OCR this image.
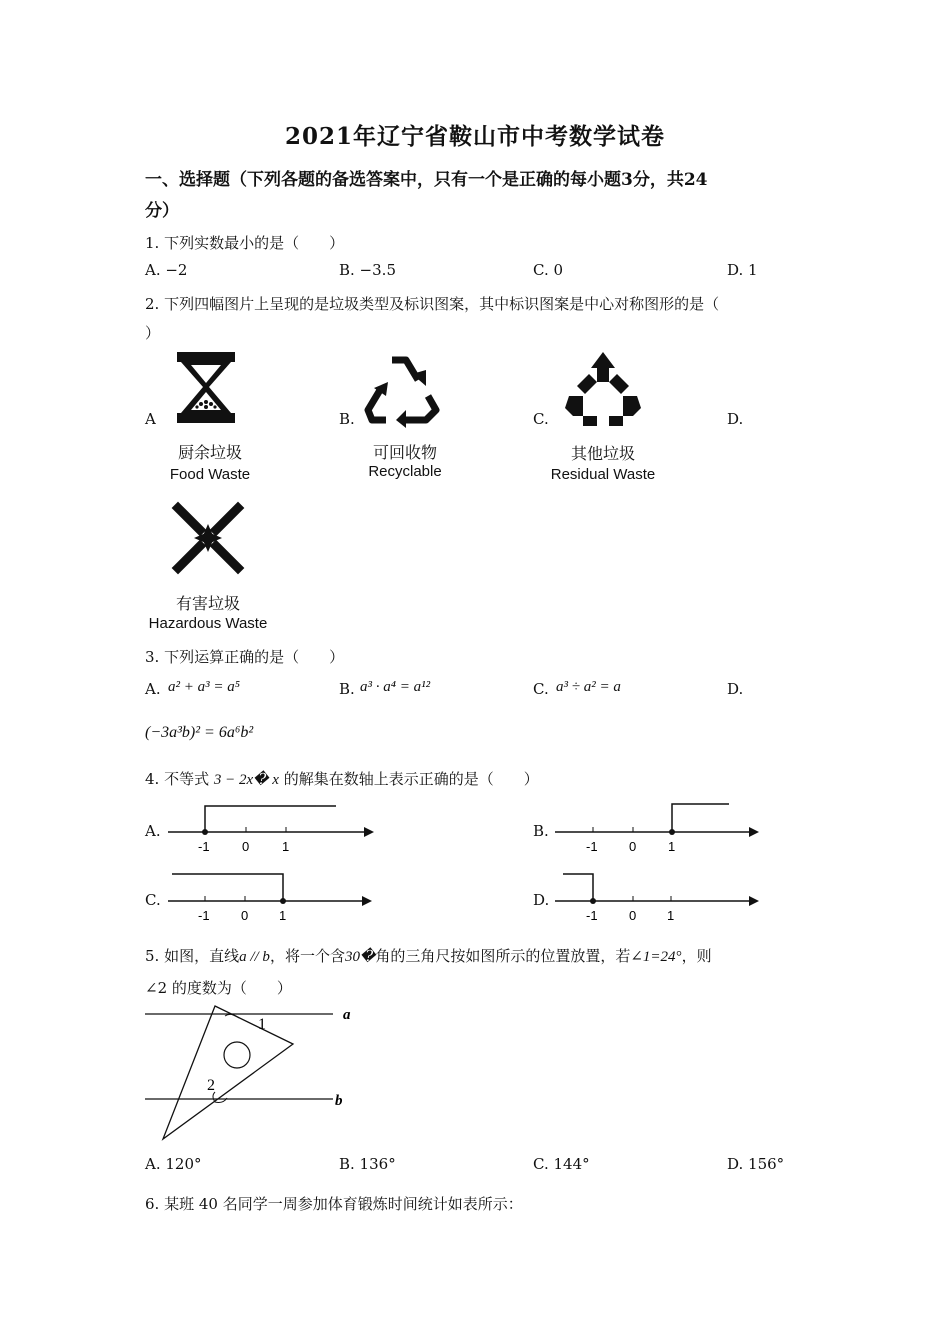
2021年辽宁省鞍山市中考数学试卷
一、选择题（下列各题的备选答案中，只有一个是正确的每小题3分，共24
分）
1. 下列实数最小的是（　　）
A. −2	B. −3.5	C. 0	D. 1
2. 下列四幅图片上呈现的是垃圾类型及标识图案，其中标识图案是中心对称图形的是（
）
A	B.	C.	D.
厨余垃圾
Food Waste
可回收物
Recyclable
其他垃圾
Residual Waste
有害垃圾
Hazardous Waste
3. 下列运算正确的是（　　）
A. a² + a³ = a⁵	B. a³ · a⁴ = a¹²	C. a³ ÷ a² = a	D.
(−3a³b)² = 6a⁶b²
4. 不等式 3 − 2x� x 的解集在数轴上表示正确的是（　　）
A.
-1 0	1
B.
-1 0 1
C.
-1 0 1
D.
-1 0 1
5. 如图，直线a // b，将一个含30�角的三角尺按如图所示的位置放置，若∠1=24°，则
∠2 的度数为（　　）
a
b
1
2
A. 120°	B. 136°	C. 144°	D. 156°
6. 某班 40 名同学一周参加体育锻炼时间统计如表所示：
